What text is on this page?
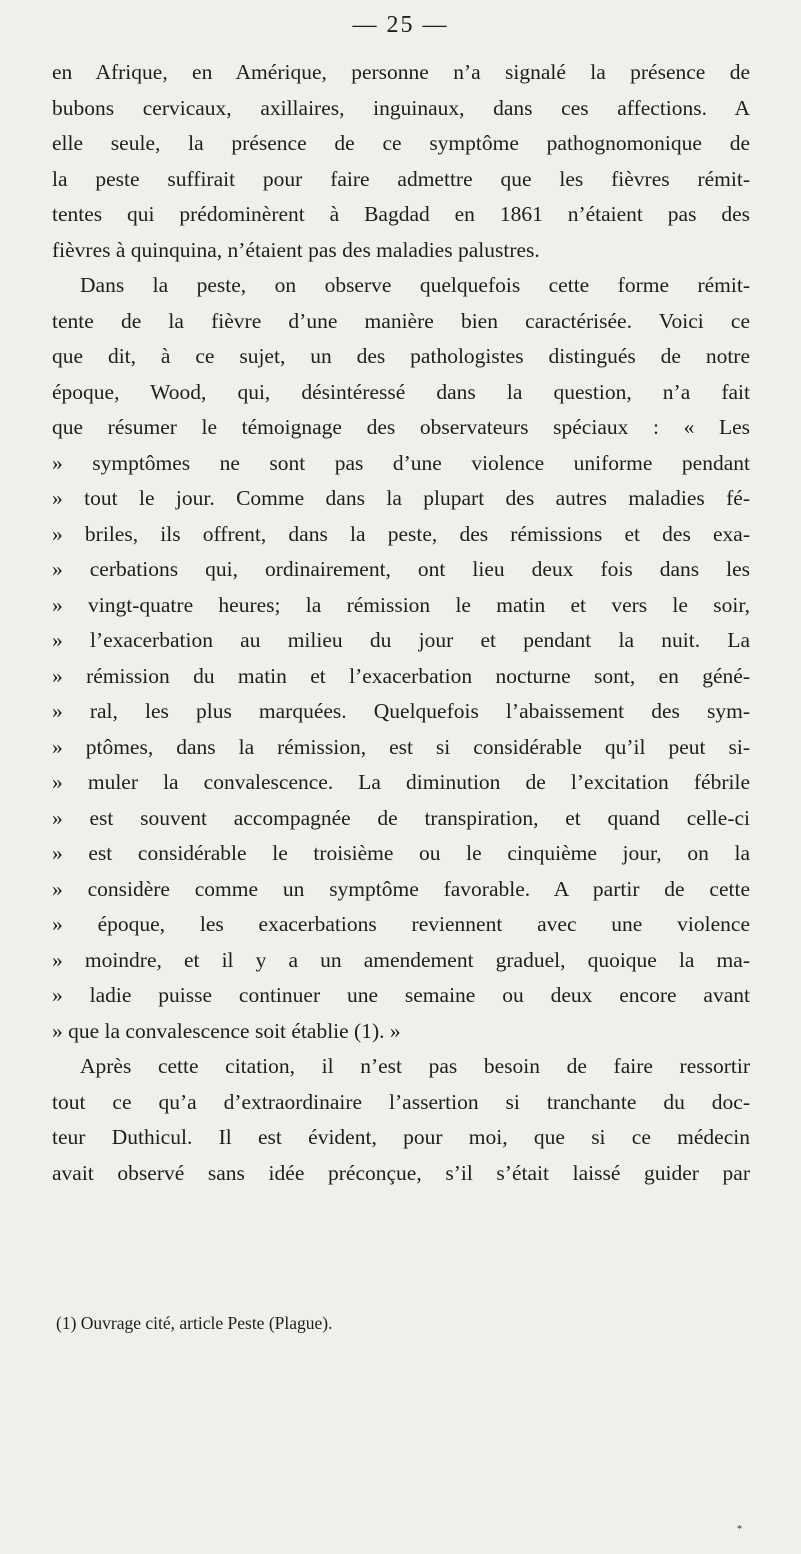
— 25 —
en Afrique, en Amérique, personne n’a signalé la présence de
bubons cervicaux, axillaires, inguinaux, dans ces affections. A
elle seule, la présence de ce symptôme pathognomonique de
la peste suffirait pour faire admettre que les fièvres rémit-
tentes qui prédominèrent à Bagdad en 1861 n’étaient pas des
fièvres à quinquina, n’étaient pas des maladies palustres.
Dans la peste, on observe quelquefois cette forme rémit-
tente de la fièvre d’une manière bien caractérisée. Voici ce
que dit, à ce sujet, un des pathologistes distingués de notre
époque, Wood, qui, désintéressé dans la question, n’a fait
que résumer le témoignage des observateurs spéciaux : « Les
» symptômes ne sont pas d’une violence uniforme pendant
» tout le jour. Comme dans la plupart des autres maladies fé-
» briles, ils offrent, dans la peste, des rémissions et des exa-
» cerbations qui, ordinairement, ont lieu deux fois dans les
» vingt-quatre heures; la rémission le matin et vers le soir,
» l’exacerbation au milieu du jour et pendant la nuit. La
» rémission du matin et l’exacerbation nocturne sont, en géné-
» ral, les plus marquées. Quelquefois l’abaissement des sym-
» ptômes, dans la rémission, est si considérable qu’il peut si-
» muler la convalescence. La diminution de l’excitation fébrile
» est souvent accompagnée de transpiration, et quand celle-ci
» est considérable le troisième ou le cinquième jour, on la
» considère comme un symptôme favorable. A partir de cette
» époque, les exacerbations reviennent avec une violence
» moindre, et il y a un amendement graduel, quoique la ma-
» ladie puisse continuer une semaine ou deux encore avant
» que la convalescence soit établie (1). »
Après cette citation, il n’est pas besoin de faire ressortir
tout ce qu’a d’extraordinaire l’assertion si tranchante du doc-
teur Duthicul. Il est évident, pour moi, que si ce médecin
avait observé sans idée préconçue, s’il s’était laissé guider par
(1) Ouvrage cité, article Peste (Plague).
*
